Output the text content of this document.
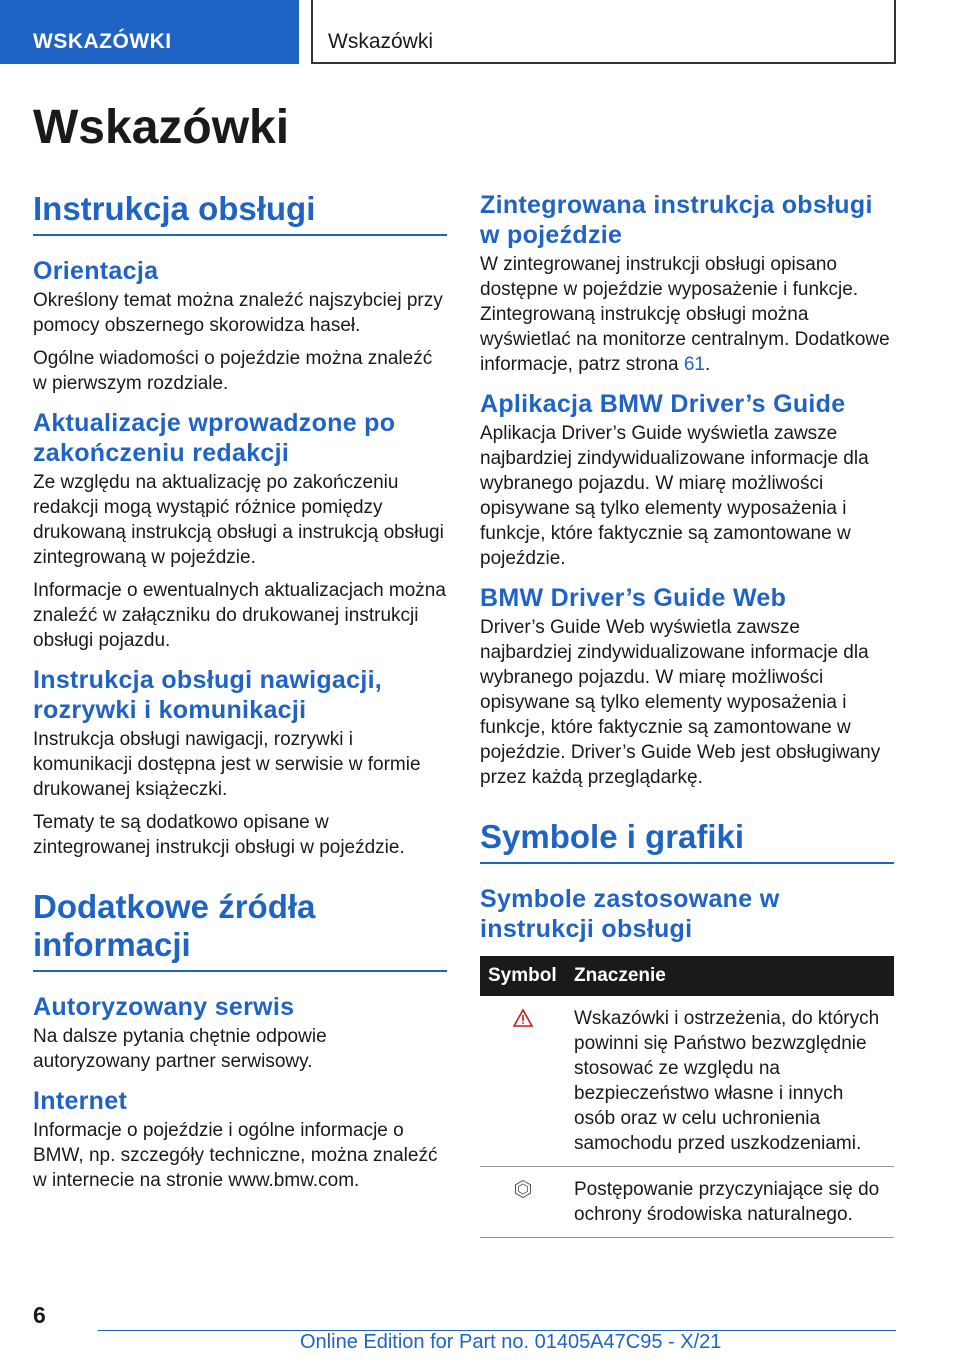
WSKAZÓWKI	Wskazówki
Wskazówki
Instrukcja obsługi
Orientacja
Określony temat można znaleźć najszybciej przy pomocy obszernego skorowidza haseł.
Ogólne wiadomości o pojeździe można znaleźć w pierwszym rozdziale.
Aktualizacje wprowadzone po zakończeniu redakcji
Ze względu na aktualizację po zakończeniu redakcji mogą wystąpić różnice pomiędzy drukowaną instrukcją obsługi a instrukcją obsługi zintegrowaną w pojeździe.
Informacje o ewentualnych aktualizacjach można znaleźć w załączniku do drukowanej instrukcji obsługi pojazdu.
Instrukcja obsługi nawigacji, rozrywki i komunikacji
Instrukcja obsługi nawigacji, rozrywki i komunikacji dostępna jest w serwisie w formie drukowanej książeczki.
Tematy te są dodatkowo opisane w zintegrowanej instrukcji obsługi w pojeździe.
Dodatkowe źródła informacji
Autoryzowany serwis
Na dalsze pytania chętnie odpowie autoryzowany partner serwisowy.
Internet
Informacje o pojeździe i ogólne informacje o BMW, np. szczegóły techniczne, można znaleźć w internecie na stronie www.bmw.com.
Zintegrowana instrukcja obsługi w pojeździe
W zintegrowanej instrukcji obsługi opisano dostępne w pojeździe wyposażenie i funkcje. Zintegrowaną instrukcję obsługi można wyświetlać na monitorze centralnym. Dodatkowe informacje, patrz strona 61.
Aplikacja BMW Driver’s Guide
Aplikacja Driver’s Guide wyświetla zawsze najbardziej zindywidualizowane informacje dla wybranego pojazdu. W miarę możliwości opisywane są tylko elementy wyposażenia i funkcje, które faktycznie są zamontowane w pojeździe.
BMW Driver’s Guide Web
Driver’s Guide Web wyświetla zawsze najbardziej zindywidualizowane informacje dla wybranego pojazdu. W miarę możliwości opisywane są tylko elementy wyposażenia i funkcje, które faktycznie są zamontowane w pojeździe. Driver’s Guide Web jest obsługiwany przez każdą przeglądarkę.
Symbole i grafiki
Symbole zastosowane w instrukcji obsługi
Symbol	Znaczenie
	Wskazówki i ostrzeżenia, do których powinni się Państwo bezwzględnie stosować ze względu na bezpieczeństwo własne i innych osób oraz w celu uchronienia samochodu przed uszkodzeniami.
	Postępowanie przyczyniające się do ochrony środowiska naturalnego.
6
Online Edition for Part no. 01405A47C95 - X/21
